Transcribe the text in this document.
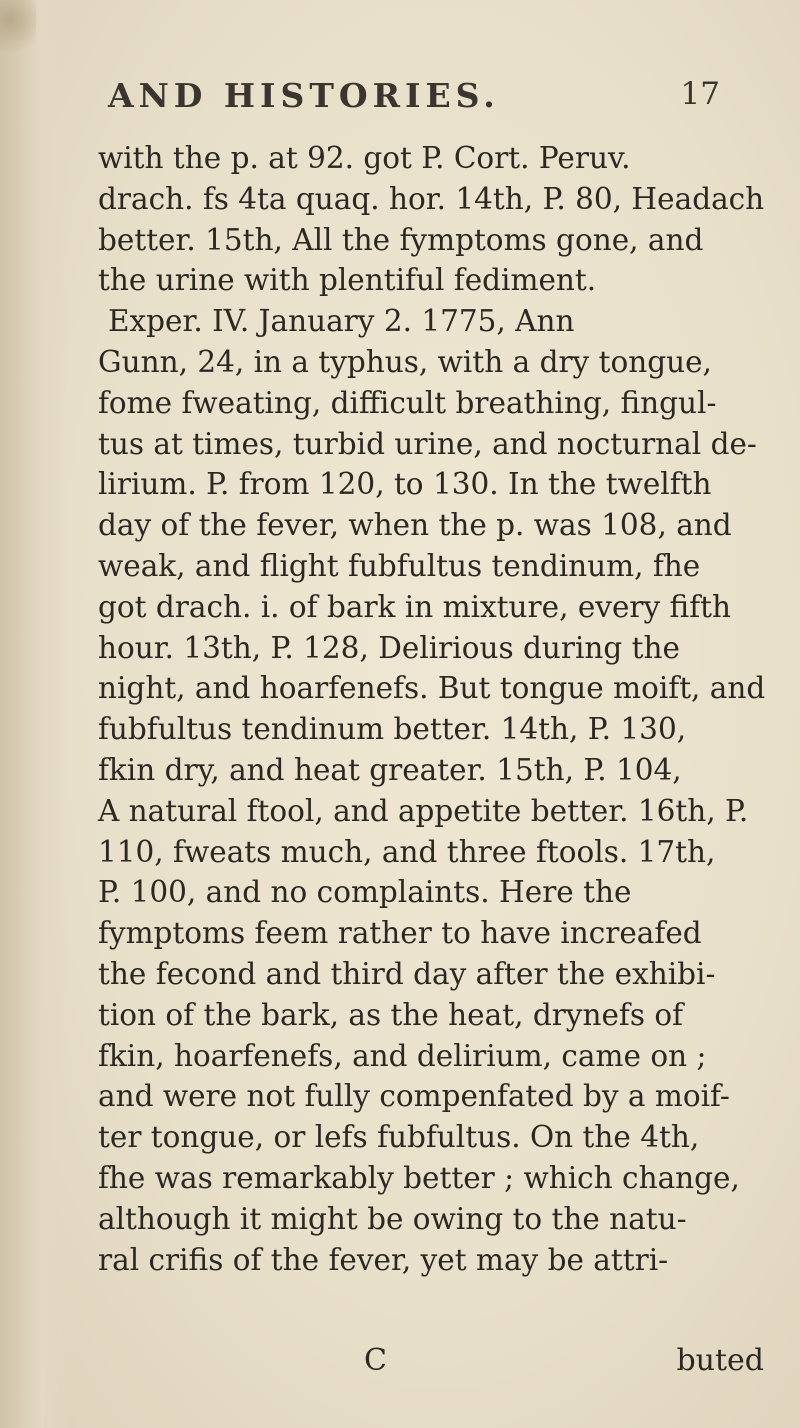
AND HISTORIES.	17
with the p. at 92. got P. Cort. Peruv.
drach. fs 4ta quaq. hor. 14th, P. 80, Headach
better. 15th, All the fymptoms gone, and
the urine with plentiful fediment.
Exper. IV. January 2. 1775, Ann
Gunn, 24, in a typhus, with a dry tongue,
fome fweating, difficult breathing, fingul-
tus at times, turbid urine, and nocturnal de-
lirium. P. from 120, to 130. In the twelfth
day of the fever, when the p. was 108, and
weak, and flight fubfultus tendinum, fhe
got drach. i. of bark in mixture, every fifth
hour. 13th, P. 128, Delirious during the
night, and hoarfenefs. But tongue moift, and
fubfultus tendinum better. 14th, P. 130,
fkin dry, and heat greater. 15th, P. 104,
A natural ftool, and appetite better. 16th, P.
110, fweats much, and three ftools. 17th,
P. 100, and no complaints. Here the
fymptoms feem rather to have increafed
the fecond and third day after the exhibi-
tion of the bark, as the heat, drynefs of
fkin, hoarfenefs, and delirium, came on ;
and were not fully compenfated by a moif-
ter tongue, or lefs fubfultus. On the 4th,
fhe was remarkably better ; which change,
although it might be owing to the natu-
ral crifis of the fever, yet may be attri-
C	buted
